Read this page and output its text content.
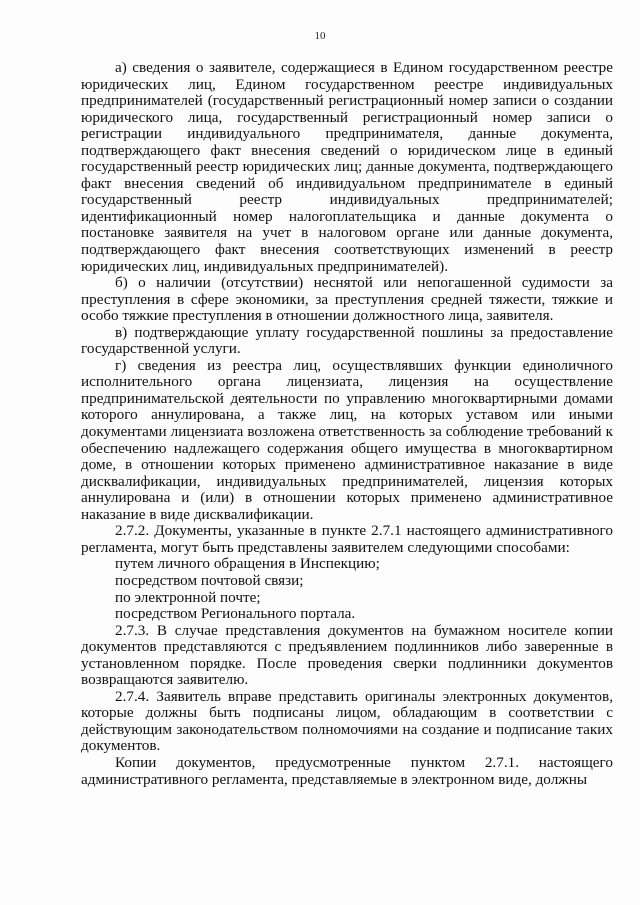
10

а) сведения о заявителе, содержащиеся в Едином государственном реестре юридических лиц, Едином государственном реестре индивидуальных предпринимателей (государственный регистрационный номер записи о создании юридического лица, государственный регистрационный номер записи о регистрации индивидуального предпринимателя, данные документа, подтверждающего факт внесения сведений о юридическом лице в единый государственный реестр юридических лиц; данные документа, подтверждающего факт внесения сведений об индивидуальном предпринимателе в единый государственный реестр индивидуальных предпринимателей; идентификационный номер налогоплательщика и данные документа о постановке заявителя на учет в налоговом органе или данные документа, подтверждающего факт внесения соответствующих изменений в реестр юридических лиц, индивидуальных предпринимателей).

б) о наличии (отсутствии) неснятой или непогашенной судимости за преступления в сфере экономики, за преступления средней тяжести, тяжкие и особо тяжкие преступления в отношении должностного лица, заявителя.

в) подтверждающие уплату государственной пошлины за предоставление государственной услуги.

г) сведения из реестра лиц, осуществлявших функции единоличного исполнительного органа лицензиата, лицензия на осуществление предпринимательской деятельности по управлению многоквартирными домами которого аннулирована, а также лиц, на которых уставом или иными документами лицензиата возложена ответственность за соблюдение требований к обеспечению надлежащего содержания общего имущества в многоквартирном доме, в отношении которых применено административное наказание в виде дисквалификации, индивидуальных предпринимателей, лицензия которых аннулирована и (или) в отношении которых применено административное наказание в виде дисквалификации.

2.7.2. Документы, указанные в пункте 2.7.1 настоящего административного регламента, могут быть представлены заявителем следующими способами:

путем личного обращения в Инспекцию;

посредством почтовой связи;

по электронной почте;

посредством Регионального портала.

2.7.3. В случае представления документов на бумажном носителе копии документов представляются с предъявлением подлинников либо заверенные в установленном порядке. После проведения сверки подлинники документов возвращаются заявителю.

2.7.4. Заявитель вправе представить оригиналы электронных документов, которые должны быть подписаны лицом, обладающим в соответствии с действующим законодательством полномочиями на создание и подписание таких документов.

Копии документов, предусмотренные пунктом 2.7.1. настоящего административного регламента, представляемые в электронном виде, должны
